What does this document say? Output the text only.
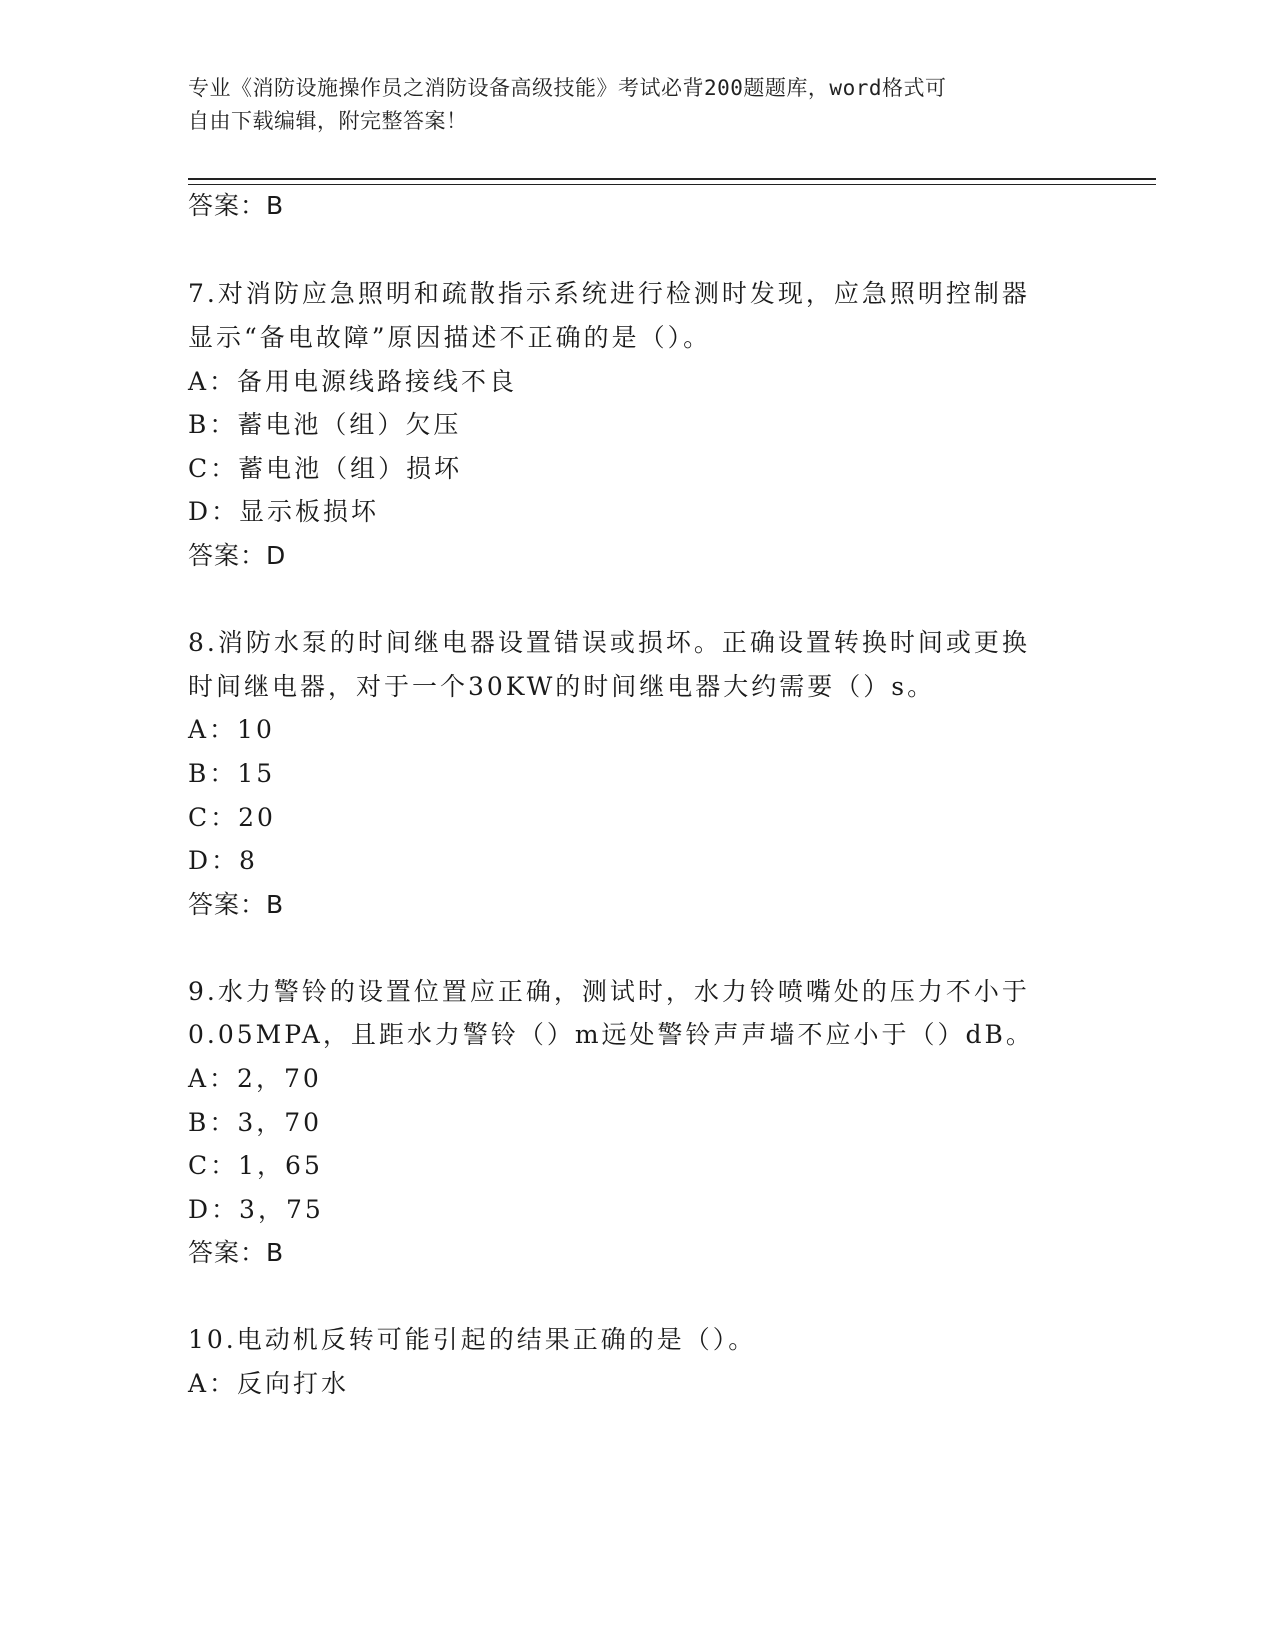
专业《消防设施操作员之消防设备高级技能》考试必背200题题库，word格式可
自由下载编辑，附完整答案！
答案：B
7.对消防应急照明和疏散指示系统进行检测时发现，应急照明控制器
显示“备电故障”原因描述不正确的是（）。
A：备用电源线路接线不良
B：蓄电池（组）欠压
C：蓄电池（组）损坏
D：显示板损坏
答案：D
8.消防水泵的时间继电器设置错误或损坏。正确设置转换时间或更换
时间继电器，对于一个30KW的时间继电器大约需要（）s。
A：10
B：15
C：20
D：8
答案：B
9.水力警铃的设置位置应正确，测试时，水力铃喷嘴处的压力不小于
0.05MPA，且距水力警铃（）m远处警铃声声墙不应小于（）dB。
A：2，70
B：3，70
C：1，65
D：3，75
答案：B
10.电动机反转可能引起的结果正确的是（）。
A：反向打水
